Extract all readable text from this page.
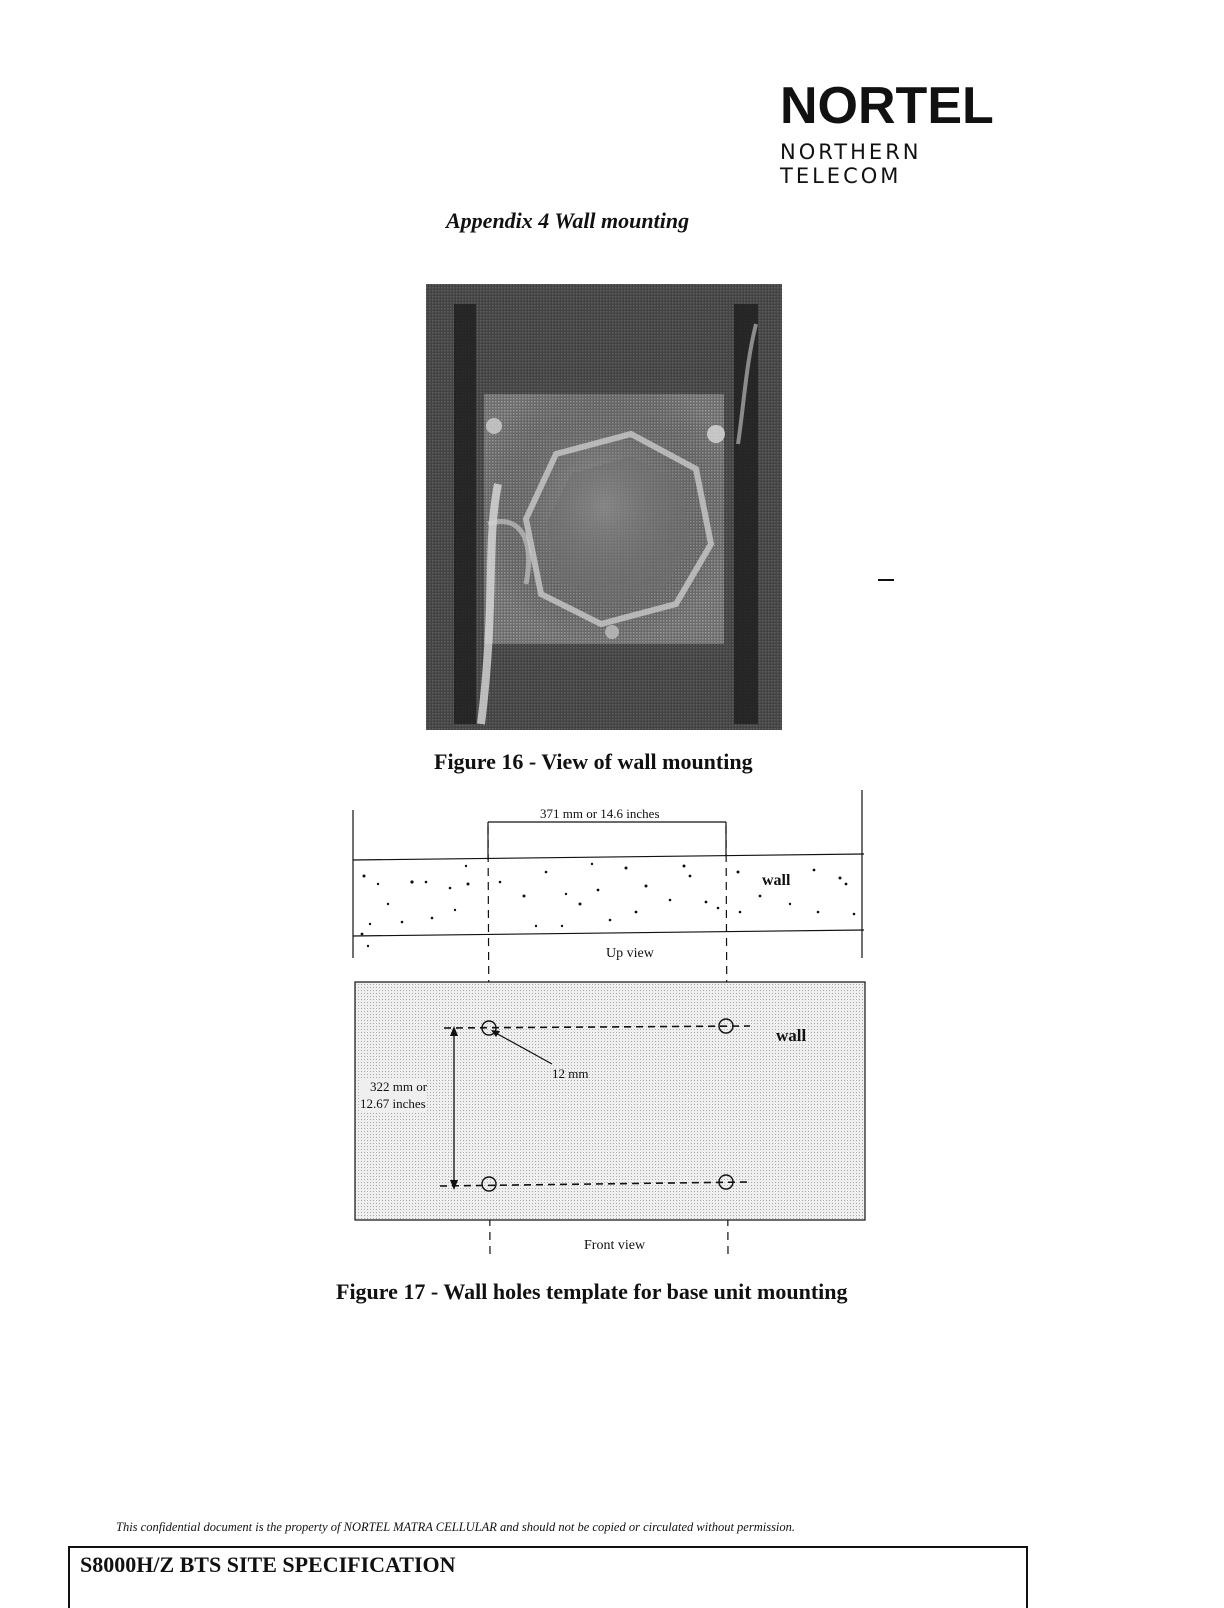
NORTEL
NORTHERN TELECOM
Appendix 4 Wall mounting
Figure 16 - View of wall mounting
371 mm or 14.6 inches
wall
Up view
wall
12 mm
322 mm or
12.67 inches
Front view
Figure 17 - Wall holes template for base unit mounting
This confidential document is the property of NORTEL MATRA CELLULAR and should not be copied or circulated without permission.
S8000H/Z BTS SITE SPECIFICATION
